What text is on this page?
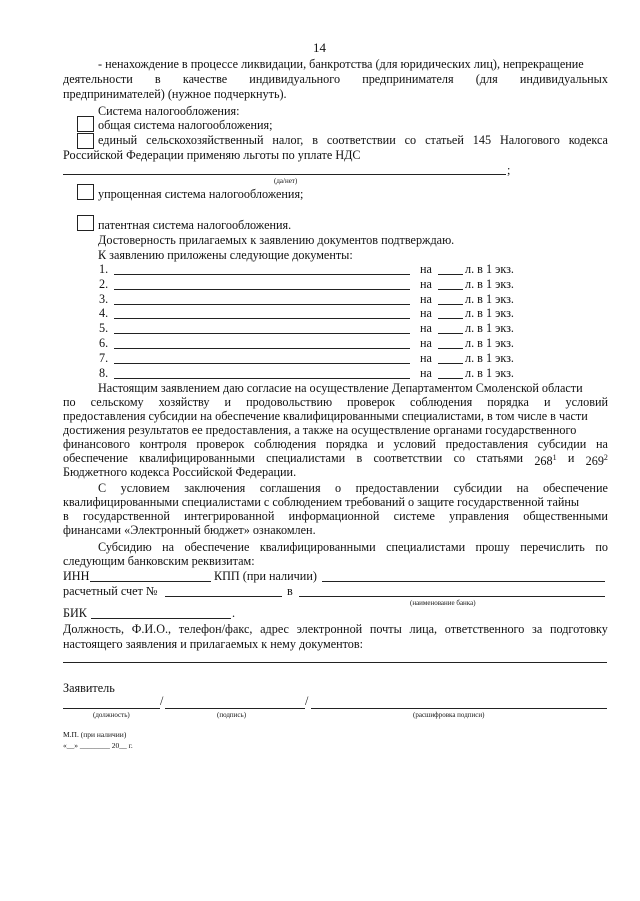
14
- ненахождение в процессе ликвидации, банкротства (для юридических лиц), непрекращение
деятельности в качестве индивидуального предпринимателя (для индивидуальных
предпринимателей) (нужное подчеркнуть).
Система налогообложения:
общая система налогообложения;
единый сельскохозяйственный налог, в соответствии со статьей 145 Налогового кодекса
Российской Федерации применяю льготы по уплате НДС
;
(да/нет)
упрощенная система налогообложения;
патентная система налогообложения.
Достоверность прилагаемых к заявлению документов подтверждаю.
К заявлению приложены следующие документы:
1.	на	л. в 1 экз.
2.	на	л. в 1 экз.
3.	на	л. в 1 экз.
4.	на	л. в 1 экз.
5.	на	л. в 1 экз.
6.	на	л. в 1 экз.
7.	на	л. в 1 экз.
8.	на	л. в 1 экз.
Настоящим заявлением даю согласие на осуществление Департаментом Смоленской области
по сельскому хозяйству и продовольствию проверок соблюдения порядка и условий
предоставления субсидии на обеспечение квалифицированными специалистами, в том числе в части
достижения результатов ее предоставления, а также на осуществление органами государственного
финансового контроля проверок соблюдения порядка и условий предоставления субсидии на
обеспечение квалифицированными специалистами в соответствии со статьями $268^1$ и $269^2$
Бюджетного кодекса Российской Федерации.
С условием заключения соглашения о предоставлении субсидии на обеспечение
квалифицированными специалистами с соблюдением требований о защите государственной тайны
в государственной интегрированной информационной системе управления общественными
финансами «Электронный бюджет» ознакомлен.
Субсидию на обеспечение квалифицированными специалистами прошу перечислить по
следующим банковским реквизитам:
ИНН	КПП (при наличии)
расчетный счет №	в
(наименование банка)
БИК	.
Должность, Ф.И.О., телефон/факс, адрес электронной почты лица, ответственного за подготовку
настоящего заявления и прилагаемых к нему документов:
Заявитель
/	/
(должность)	(подпись)	(расшифровка подписи)
М.П. (при наличии)
«__» ________ 20__ г.
